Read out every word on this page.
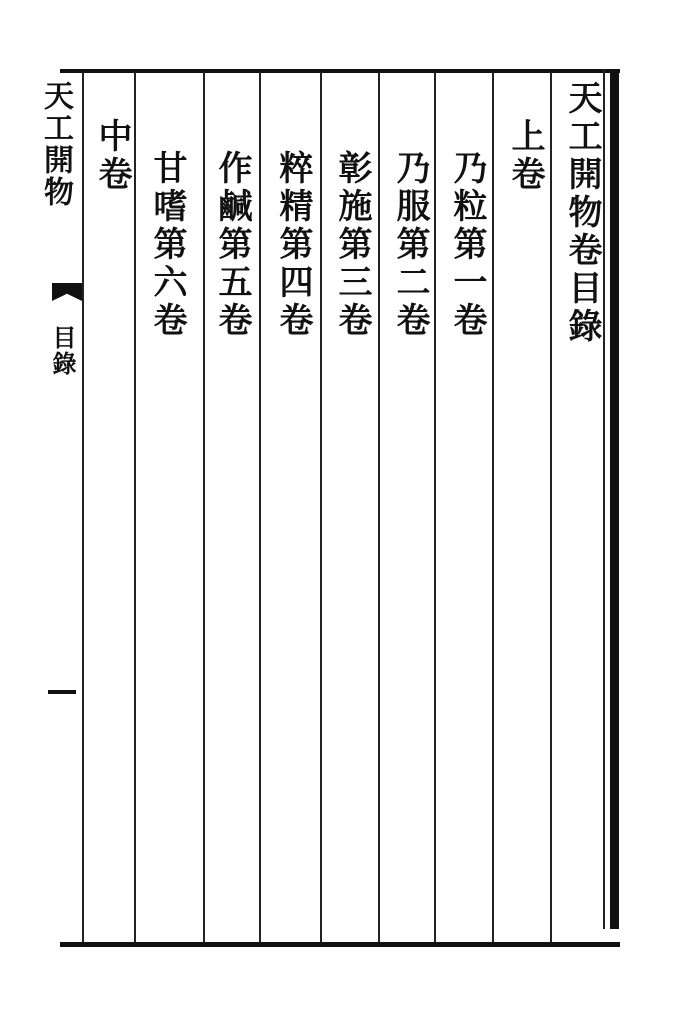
天工開物卷目錄
上卷
乃粒第一卷
乃服第二卷
彰施第三卷
粹精第四卷
作鹹第五卷
甘嗜第六卷
中卷
天工開物
目錄
